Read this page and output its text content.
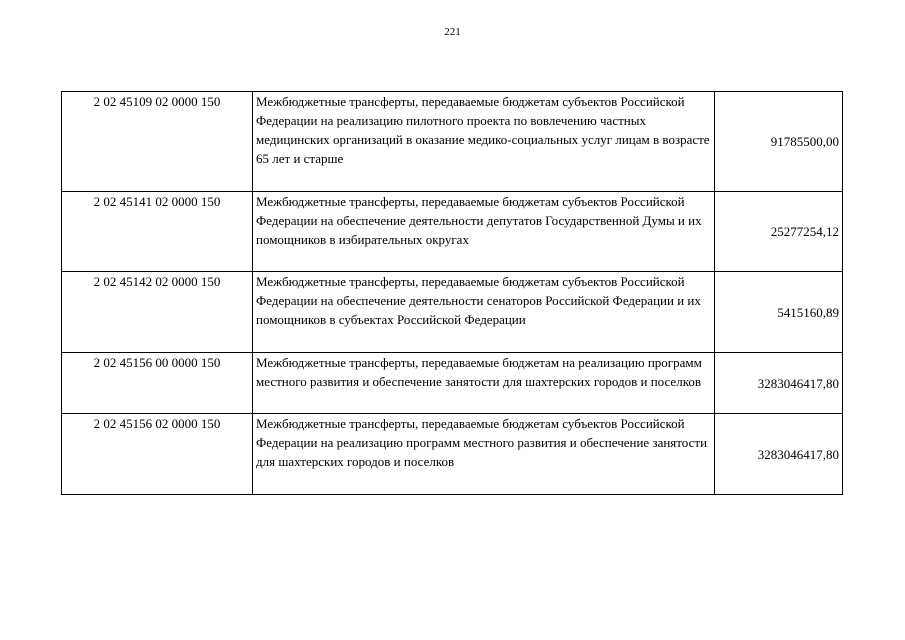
221
2 02 45109 02 0000 150	Межбюджетные трансферты, передаваемые бюджетам субъектов Российской Федерации на реализацию пилотного проекта по вовлечению частных медицинских организаций в оказание медико-социальных услуг лицам в возрасте 65 лет и старше	91785500,00
2 02 45141 02 0000 150	Межбюджетные трансферты, передаваемые бюджетам субъектов Российской Федерации на обеспечение деятельности депутатов Государственной Думы и их помощников в избирательных округах	25277254,12
2 02 45142 02 0000 150	Межбюджетные трансферты, передаваемые бюджетам субъектов Российской Федерации на обеспечение деятельности сенаторов Российской Федерации и их помощников в субъектах Российской Федерации	5415160,89
2 02 45156 00 0000 150	Межбюджетные трансферты, передаваемые бюджетам на реализацию программ местного развития и обеспечение занятости для шахтерских городов и поселков	3283046417,80
2 02 45156 02 0000 150	Межбюджетные трансферты, передаваемые бюджетам субъектов Российской Федерации на реализацию программ местного развития и обеспечение занятости для шахтерских городов и поселков	3283046417,80
